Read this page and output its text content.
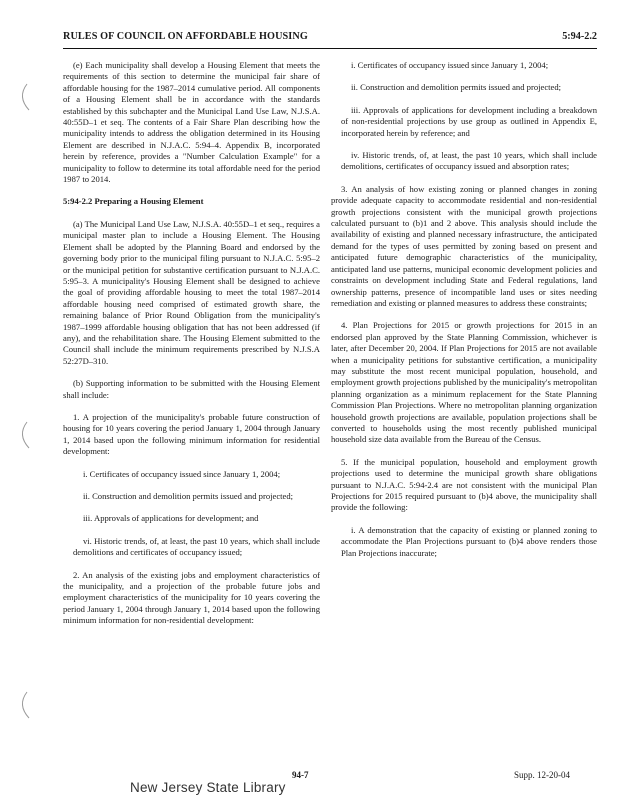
RULES OF COUNCIL ON AFFORDABLE HOUSING	5:94-2.2

(e) Each municipality shall develop a Housing Element that meets the requirements of this section to determine the municipal fair share of affordable housing for the 1987–2014 cumulative period. All components of a Housing Element shall be in accordance with the standards established by this subchapter and the Municipal Land Use Law, N.J.S.A. 40:55D–1 et seq. The contents of a Fair Share Plan describing how the municipality intends to address the obligation determined in its Housing Element are described in N.J.A.C. 5:94–4. Appendix B, incorporated herein by reference, provides a "Number Calculation Example" for a municipality to follow to determine its total affordable need for the period 1987 to 2014.

5:94-2.2 Preparing a Housing Element

(a) The Municipal Land Use Law, N.J.S.A. 40:55D–1 et seq., requires a municipal master plan to include a Housing Element. The Housing Element shall be adopted by the Planning Board and endorsed by the governing body prior to the municipal filing pursuant to N.J.A.C. 5:95–2 or the municipal petition for substantive certification pursuant to N.J.A.C. 5:95–3. A municipality's Housing Element shall be designed to achieve the goal of providing affordable housing to meet the total 1987–2014 affordable housing need comprised of estimated growth share, the remaining balance of Prior Round Obligation from the municipality's 1987–1999 affordable housing obligation that has not been addressed (if any), and the rehabilitation share. The Housing Element submitted to the Council shall include the minimum requirements prescribed by N.J.S.A 52:27D–310.

(b) Supporting information to be submitted with the Housing Element shall include:

1. A projection of the municipality's probable future construction of housing for 10 years covering the period January 1, 2004 through January 1, 2014 based upon the following minimum information for residential development:

i. Certificates of occupancy issued since January 1, 2004;

ii. Construction and demolition permits issued and projected;

iii. Approvals of applications for development; and

vi. Historic trends, of, at least, the past 10 years, which shall include demolitions and certificates of occupancy issued;

2. An analysis of the existing jobs and employment characteristics of the municipality, and a projection of the probable future jobs and employment characteristics of the municipality for 10 years covering the period January 1, 2004 through January 1, 2014 based upon the following minimum information for non-residential development:

i. Certificates of occupancy issued since January 1, 2004;

ii. Construction and demolition permits issued and projected;

iii. Approvals of applications for development including a breakdown of non-residential projections by use group as outlined in Appendix E, incorporated herein by reference; and

iv. Historic trends, of, at least, the past 10 years, which shall include demolitions, certificates of occupancy issued and absorption rates;

3. An analysis of how existing zoning or planned changes in zoning provide adequate capacity to accommodate residential and non-residential growth projections consistent with the municipal growth projections calculated pursuant to (b)1 and 2 above. This analysis should include the availability of existing and planned necessary infrastructure, the anticipated demand for the types of uses permitted by zoning based on present and anticipated future demographic characteristics of the municipality, anticipated land use patterns, municipal economic development policies and constraints on development including State and Federal regulations, land ownership patterns, presence of incompatible land uses or sites needing remediation and existing or planned measures to address these constraints;

4. Plan Projections for 2015 or growth projections for 2015 in an endorsed plan approved by the State Planning Commission, whichever is later, after December 20, 2004. If Plan Projections for 2015 are not available when a municipality petitions for substantive certification, a municipality may substitute the most recent municipal population, household, and employment growth projections published by the municipality's metropolitan planning organization as a minimum replacement for the State Planning Commission Plan Projections. Where no metropolitan planning organization household growth projections are available, population projections shall be converted to households using the most recently published municipal household size data available from the Bureau of the Census.

5. If the municipal population, household and employment growth projections used to determine the municipal growth share obligations pursuant to N.J.A.C. 5:94-2.4 are not consistent with the municipal Plan Projections for 2015 required pursuant to (b)4 above, the municipality shall provide the following:

i. A demonstration that the capacity of existing or planned zoning to accommodate the Plan Projections pursuant to (b)4 above renders those Plan Projections inaccurate;

94-7	Supp. 12-20-04
New Jersey State Library
